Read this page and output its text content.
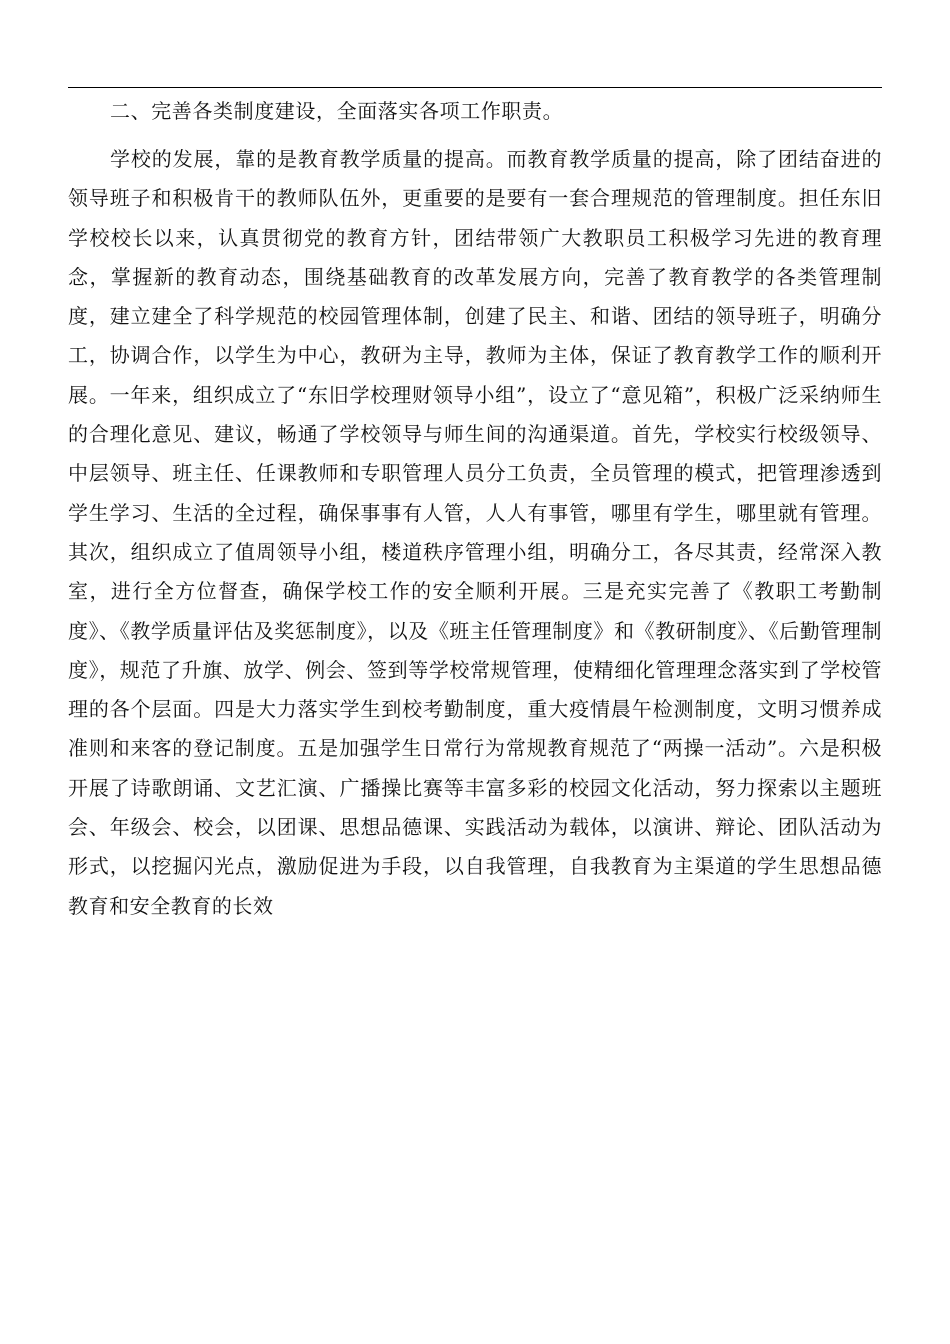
二、完善各类制度建设，全面落实各项工作职责。

学校的发展，靠的是教育教学质量的提高。而教育教学质量的提高，除了团结奋进的领导班子和积极肯干的教师队伍外，更重要的是要有一套合理规范的管理制度。担任东旧学校校长以来，认真贯彻党的教育方针，团结带领广大教职员工积极学习先进的教育理念，掌握新的教育动态，围绕基础教育的改革发展方向，完善了教育教学的各类管理制度，建立建全了科学规范的校园管理体制，创建了民主、和谐、团结的领导班子，明确分工，协调合作，以学生为中心，教研为主导，教师为主体，保证了教育教学工作的顺利开展。一年来，组织成立了“东旧学校理财领导小组”，设立了“意见箱”，积极广泛采纳师生的合理化意见、建议，畅通了学校领导与师生间的沟通渠道。首先，学校实行校级领导、中层领导、班主任、任课教师和专职管理人员分工负责，全员管理的模式，把管理渗透到学生学习、生活的全过程，确保事事有人管，人人有事管，哪里有学生，哪里就有管理。其次，组织成立了值周领导小组，楼道秩序管理小组，明确分工，各尽其责，经常深入教室，进行全方位督查，确保学校工作的安全顺利开展。三是充实完善了《教职工考勤制度》、《教学质量评估及奖惩制度》，以及《班主任管理制度》和《教研制度》、《后勤管理制度》，规范了升旗、放学、例会、签到等学校常规管理，使精细化管理理念落实到了学校管理的各个层面。四是大力落实学生到校考勤制度，重大疫情晨午检测制度，文明习惯养成准则和来客的登记制度。五是加强学生日常行为常规教育规范了“两操一活动”。六是积极开展了诗歌朗诵、文艺汇演、广播操比赛等丰富多彩的校园文化活动，努力探索以主题班会、年级会、校会，以团课、思想品德课、实践活动为载体，以演讲、辩论、团队活动为形式，以挖掘闪光点，激励促进为手段，以自我管理，自我教育为主渠道的学生思想品德教育和安全教育的长效
